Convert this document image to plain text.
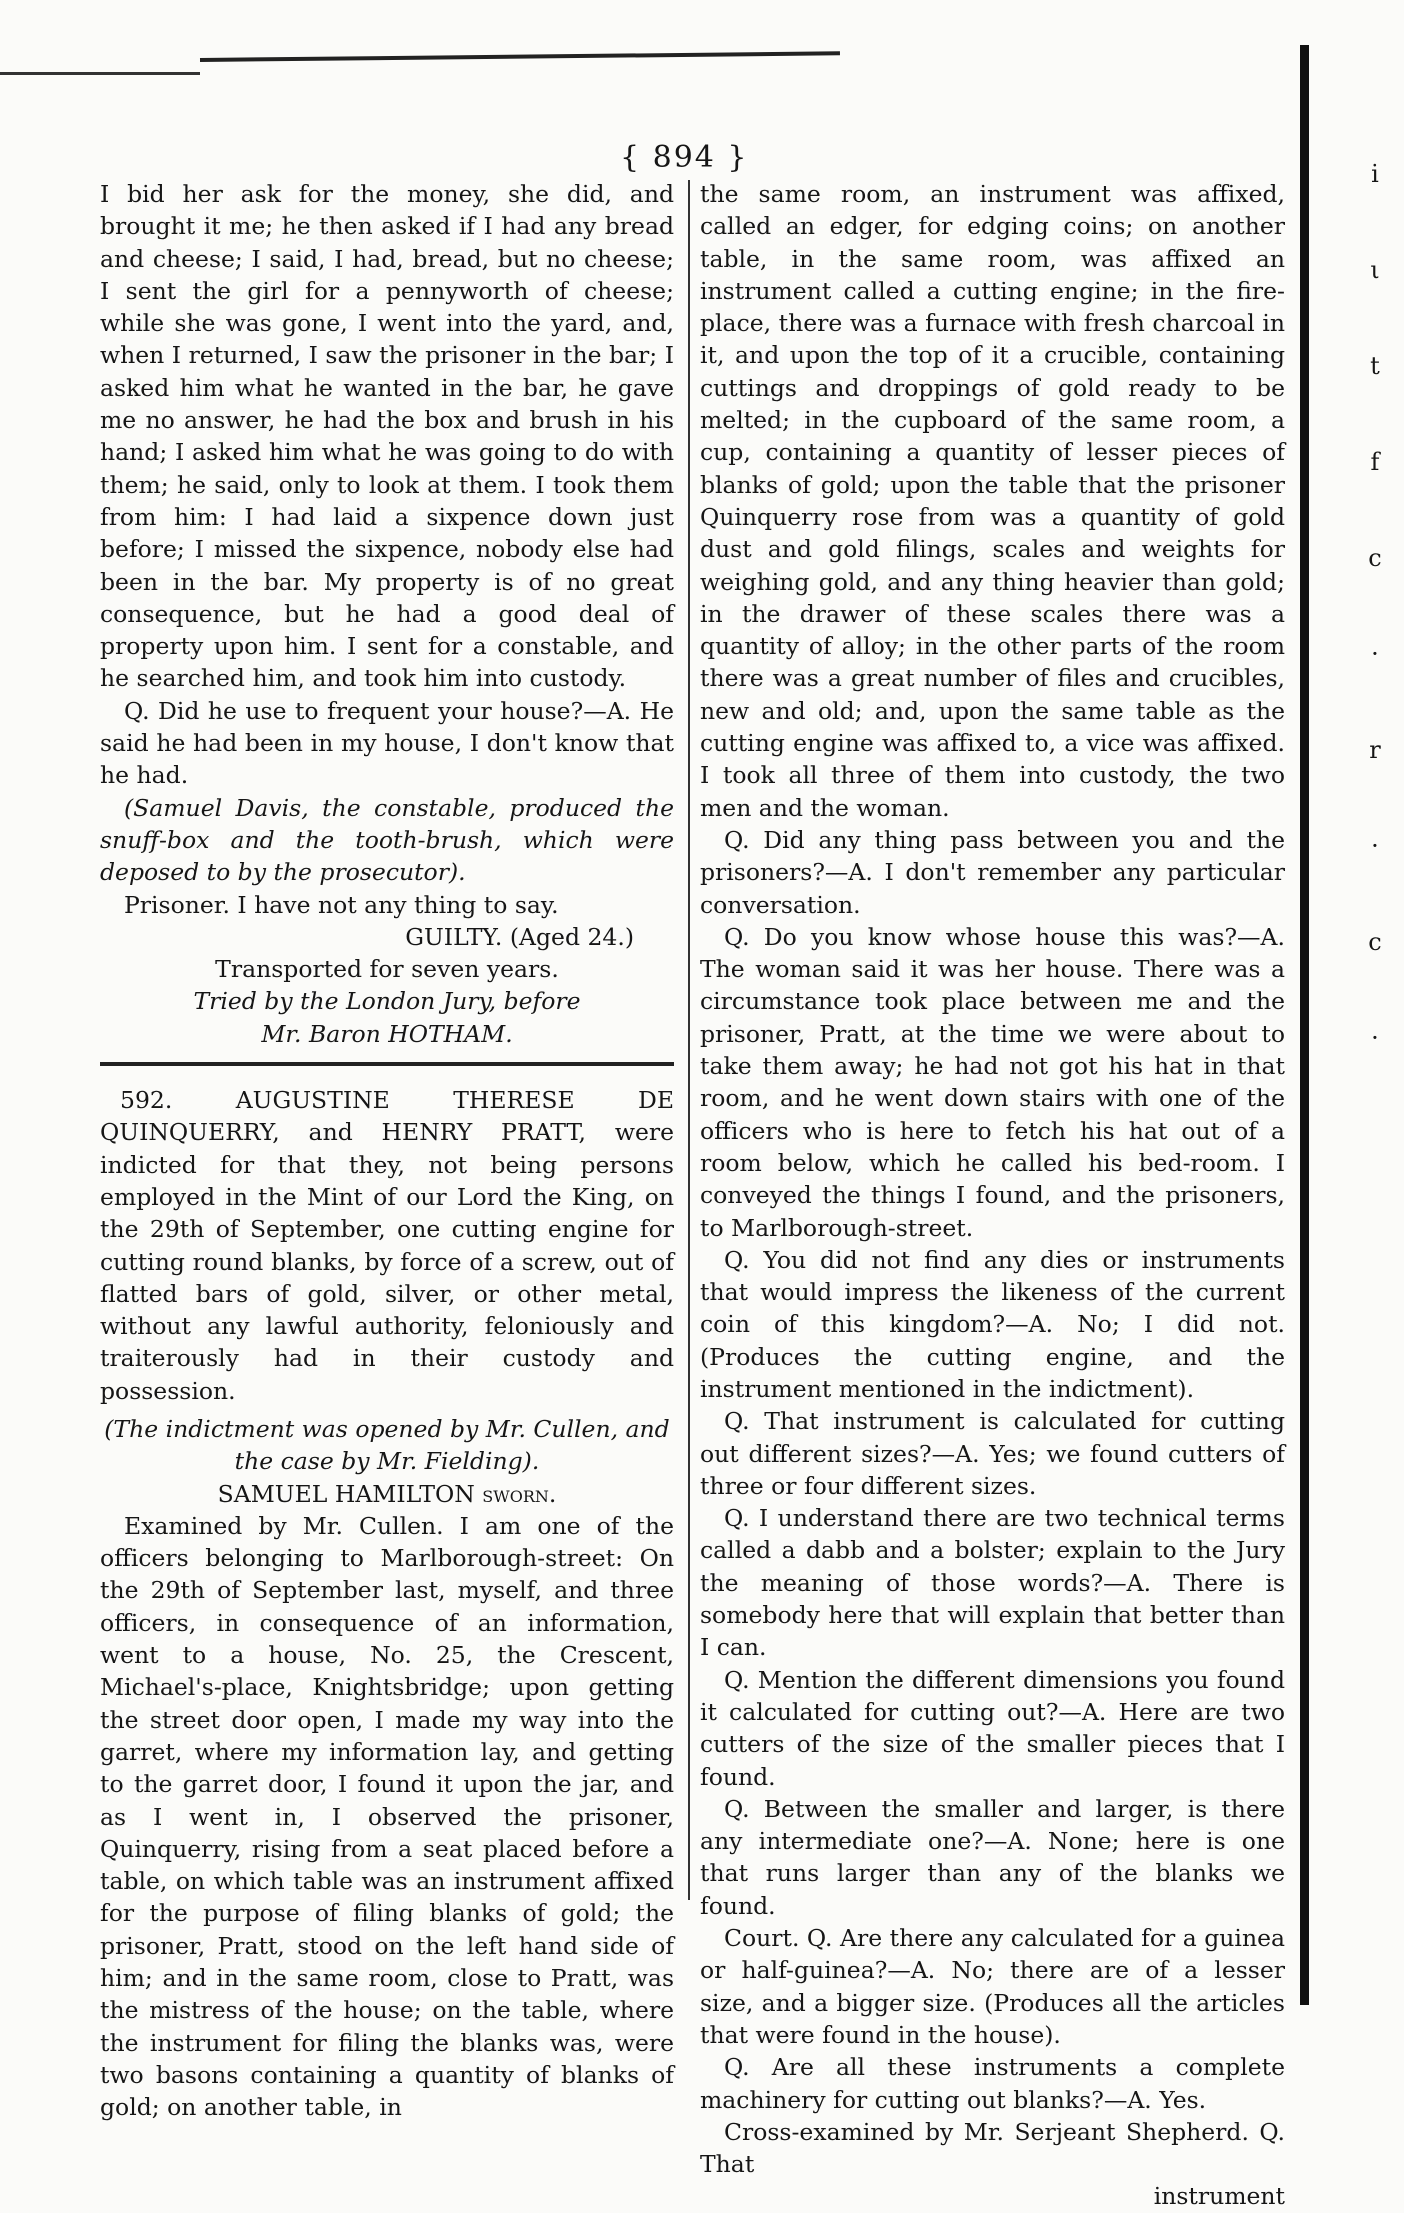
{ 894 }

I bid her ask for the money, she did, and brought it me; he then asked if I had any bread and cheese; I said, I had, bread, but no cheese; I sent the girl for a pennyworth of cheese; while she was gone, I went into the yard, and, when I returned, I saw the prisoner in the bar; I asked him what he wanted in the bar, he gave me no answer, he had the box and brush in his hand; I asked him what he was going to do with them; he said, only to look at them. I took them from him: I had laid a sixpence down just before; I missed the sixpence, nobody else had been in the bar. My property is of no great consequence, but he had a good deal of property upon him. I sent for a constable, and he searched him, and took him into custody.

Q. Did he use to frequent your house?—A. He said he had been in my house, I don't know that he had.

(Samuel Davis, the constable, produced the snuff-box and the tooth-brush, which were deposed to by the prosecutor).

Prisoner. I have not any thing to say.

GUILTY. (Aged 24.)

Transported for seven years.

Tried by the London Jury, before

Mr. Baron HOTHAM.

592. AUGUSTINE THERESE DE QUINQUERRY, and HENRY PRATT, were indicted for that they, not being persons employed in the Mint of our Lord the King, on the 29th of September, one cutting engine for cutting round blanks, by force of a screw, out of flatted bars of gold, silver, or other metal, without any lawful authority, feloniously and traiterously had in their custody and possession.

(The indictment was opened by Mr. Cullen, and the case by Mr. Fielding).

SAMUEL HAMILTON sworn.

Examined by Mr. Cullen. I am one of the officers belonging to Marlborough-street: On the 29th of September last, myself, and three officers, in consequence of an information, went to a house, No. 25, the Crescent, Michael's-place, Knightsbridge; upon getting the street door open, I made my way into the garret, where my information lay, and getting to the garret door, I found it upon the jar, and as I went in, I observed the prisoner, Quinquerry, rising from a seat placed before a table, on which table was an instrument affixed for the purpose of filing blanks of gold; the prisoner, Pratt, stood on the left hand side of him; and in the same room, close to Pratt, was the mistress of the house; on the table, where the instrument for filing the blanks was, were two basons containing a quantity of blanks of gold; on another table, in

the same room, an instrument was affixed, called an edger, for edging coins; on another table, in the same room, was affixed an instrument called a cutting engine; in the fire-place, there was a furnace with fresh charcoal in it, and upon the top of it a crucible, containing cuttings and droppings of gold ready to be melted; in the cupboard of the same room, a cup, containing a quantity of lesser pieces of blanks of gold; upon the table that the prisoner Quinquerry rose from was a quantity of gold dust and gold filings, scales and weights for weighing gold, and any thing heavier than gold; in the drawer of these scales there was a quantity of alloy; in the other parts of the room there was a great number of files and crucibles, new and old; and, upon the same table as the cutting engine was affixed to, a vice was affixed. I took all three of them into custody, the two men and the woman.

Q. Did any thing pass between you and the prisoners?—A. I don't remember any particular conversation.

Q. Do you know whose house this was?—A. The woman said it was her house. There was a circumstance took place between me and the prisoner, Pratt, at the time we were about to take them away; he had not got his hat in that room, and he went down stairs with one of the officers who is here to fetch his hat out of a room below, which he called his bed-room. I conveyed the things I found, and the prisoners, to Marlborough-street.

Q. You did not find any dies or instruments that would impress the likeness of the current coin of this kingdom?—A. No; I did not. (Produces the cutting engine, and the instrument mentioned in the indictment).

Q. That instrument is calculated for cutting out different sizes?—A. Yes; we found cutters of three or four different sizes.

Q. I understand there are two technical terms called a dabb and a bolster; explain to the Jury the meaning of those words?—A. There is somebody here that will explain that better than I can.

Q. Mention the different dimensions you found it calculated for cutting out?—A. Here are two cutters of the size of the smaller pieces that I found.

Q. Between the smaller and larger, is there any intermediate one?—A. None; here is one that runs larger than any of the blanks we found.

Court. Q. Are there any calculated for a guinea or half-guinea?—A. No; there are of a lesser size, and a bigger size. (Produces all the articles that were found in the house).

Q. Are all these instruments a complete machinery for cutting out blanks?—A. Yes.

Cross-examined by Mr. Serjeant Shepherd. Q. That

instrument

i
ι
t
f
c
·
r
·
c
·
